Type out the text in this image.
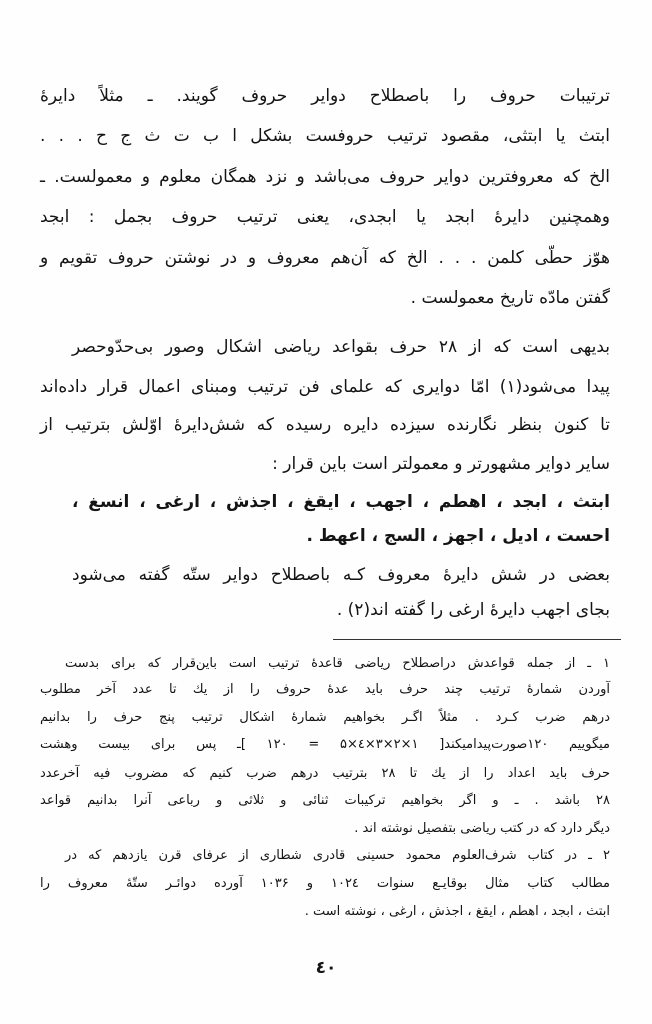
ترتیبات حروف را باصطلاح دوایر حروف گویند. ـ مثلاً دایرهٔ
ابتث یا ابتثی، مقصود ترتیب حروفست بشکل ا ب ت ث ج ح . . .
الخ که معروفترین دوایر حروف می‌باشد و نزد همگان معلوم و معمولست. ـ
وهمچنین دایرهٔ ابجد یا ابجدی، یعنی ترتیب حروف بجمل : ابجد
هوّز حطّی کلمن . . . الخ که آن‌هم معروف و در نوشتن حروف تقویم و
گفتن مادّه تاریخ معمولست .
بدیهی است که از ۲۸ حرف بقواعد ریاضی اشکال وصور بی‌حدّوحصر
پیدا می‌شود(۱) امّا دوایری که علمای فن ترتیب ومبنای اعمال قرار داده‌اند
تا کنون بنظر نگارنده سیزده دایره رسیده که شش‌دایرهٔ اوّلش بترتیب از
سایر دوایر مشهورتر و معمولتر است باین قرار :
ابتث ، ابجد ، اهطم ، اجهب ، ایقغ ، اجذش ، ارغی ، انسغ ،
احست ، ادیل ، اجهز ، السج ، اعهط .
بعضی در شش دایرهٔ معروف کـه باصطلاح دوایر ستّه گفته می‌شود
بجای اجهب دایرهٔ ارغی را گفته اند(۲) .
۱ ـ از جمله قواعدش دراصطلاح ریاضی قاعدهٔ ترتیب است باین‌قرار که برای بدست
آوردن شمارهٔ ترتیب چند حرف باید عدهٔ حروف را از یك تا عدد آخر مطلوب
درهم ضرب کـرد . مثلاً اگـر بخواهیم شمارهٔ اشکال ترتیب پنج حرف را بدانیم
میگوییم ۱۲۰صورت‌پیدامیکند[ ۱×۲×۳×٤×۵ = ۱۲۰ ]ـ پس برای بیست وهشت
حرف باید اعداد را از یك تا ۲۸ بترتیب درهم ضرب کنیم که مضروب فیه آخرعدد
۲۸ باشد . ـ و اگر بخواهیم ترکیبات ثنائی و ثلاثی و رباعی آنرا بدانیم قواعد
دیگر دارد که در کتب ریاضی بتفصیل نوشته اند .
۲ ـ در کتاب شرف‌العلوم محمود حسینی قادری شطاری از عرفای قرن یازدهم که در
مطالب کتاب مثال بوقایـع سنوات ۱۰۲٤ و ۱۰۳۶ آورده دوائـر ستّهٔ معروف را
ابتث ، ابجد ، اهطم ، ایقغ ، اجذش ، ارغی ، نوشته است .
٤۰
